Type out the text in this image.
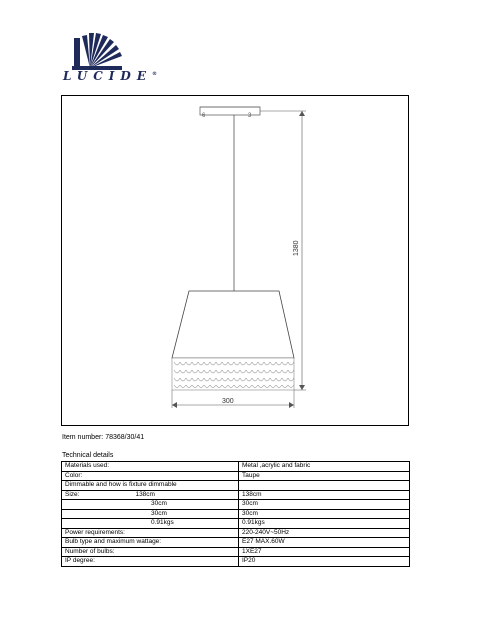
LUCIDE®
6	3
1380
300
Item number: 78368/30/41
Technical details
Materials used:	Metal ,acrylic and fabric
Color:	Taupe
Dimmable and how is fixture dimmable	
Size: 138cm	138cm
30cm	30cm
30cm	30cm
0.91kgs	0.91kgs
Power requirements:	220-240V~50Hz
Bulb type and maximum wattage:	E27 MAX.60W
Number of bulbs:	1XE27
IP degree:	IP20
